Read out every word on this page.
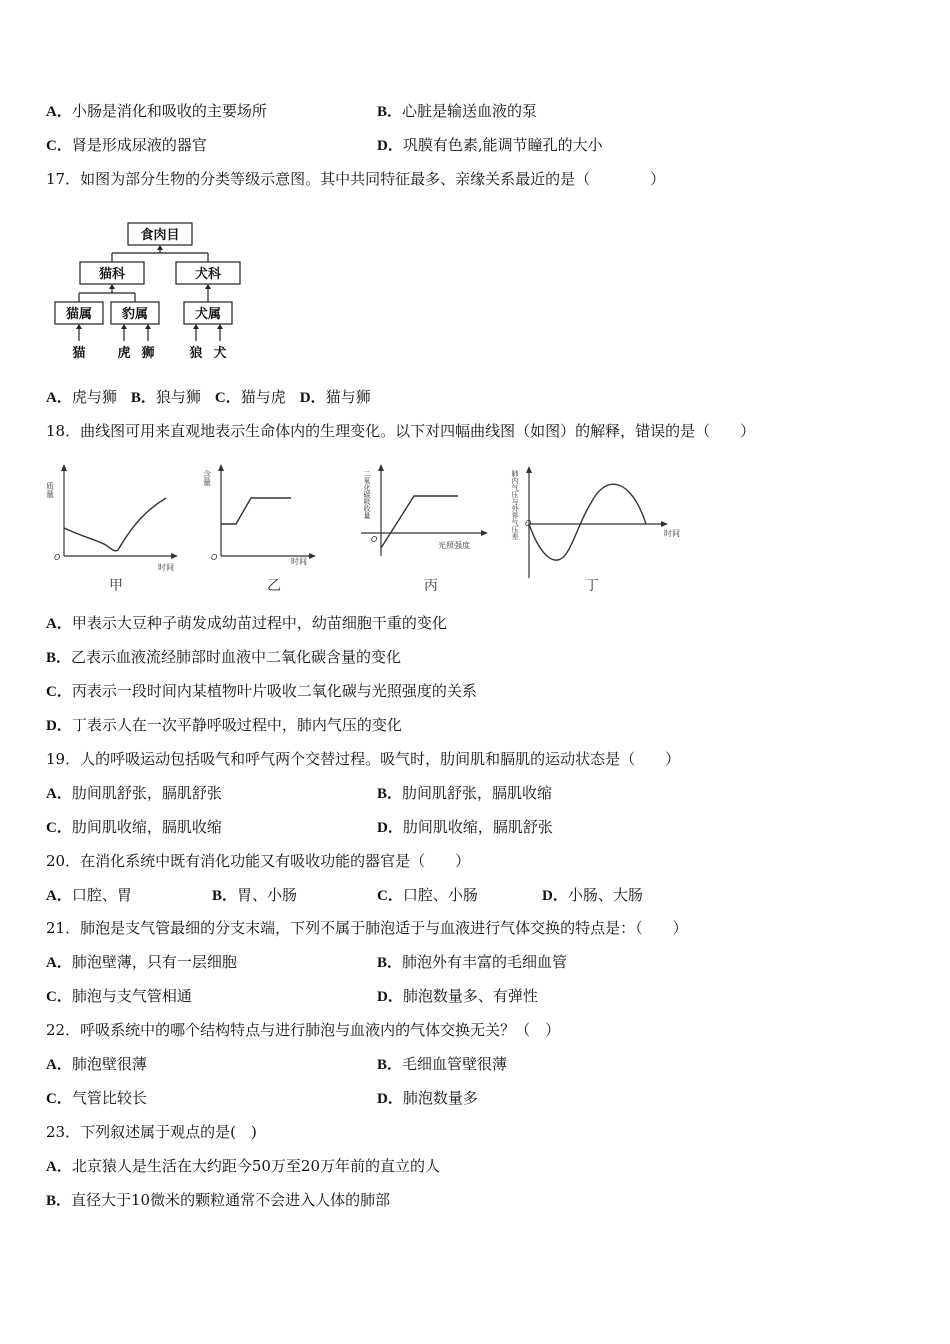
A．小肠是消化和吸收的主要场所	B．心脏是输送血液的泵
C．肾是形成尿液的器官	D．巩膜有色素,能调节瞳孔的大小
17．如图为部分生物的分类等级示意图。其中共同特征最多、亲缘关系最近的是（　　　　）
食肉目
猫科	犬科
猫属 豹属	犬属
猫 虎 狮	狼 犬
A．虎与狮 B．狼与狮 C．猫与虎 D．猫与狮
18．曲线图可用来直观地表示生命体内的生理变化。以下对四幅曲线图（如图）的解释，错误的是（　　）
质量
时间
O
含量
时间
O
二氧化碳吸收量
光照强度
O	肺内气压与外界气压差	时间
O
甲	乙	丙	丁
A．甲表示大豆种子萌发成幼苗过程中，幼苗细胞干重的变化
B．乙表示血液流经肺部时血液中二氧化碳含量的变化
C．丙表示一段时间内某植物叶片吸收二氧化碳与光照强度的关系
D．丁表示人在一次平静呼吸过程中，肺内气压的变化
19．人的呼吸运动包括吸气和呼气两个交替过程。吸气时，肋间肌和膈肌的运动状态是（　　）
A．肋间肌舒张，膈肌舒张	B．肋间肌舒张，膈肌收缩
C．肋间肌收缩，膈肌收缩	D．肋间肌收缩，膈肌舒张
20．在消化系统中既有消化功能又有吸收功能的器官是（　　）
A．口腔、胃	B．胃、小肠	C．口腔、小肠	D．小肠、大肠
21．肺泡是支气管最细的分支末端，下列不属于肺泡适于与血液进行气体交换的特点是：（　　）
A．肺泡壁薄，只有一层细胞	B．肺泡外有丰富的毛细血管
C．肺泡与支气管相通	D．肺泡数量多、有弹性
22．呼吸系统中的哪个结构特点与进行肺泡与血液内的气体交换无关？（　）
A．肺泡壁很薄	B．毛细血管壁很薄
C．气管比较长	D．肺泡数量多
23．下列叙述属于观点的是(　)
A．北京猿人是生活在大约距今50万至20万年前的直立的人
B．直径大于10微米的颗粒通常不会进入人体的肺部
